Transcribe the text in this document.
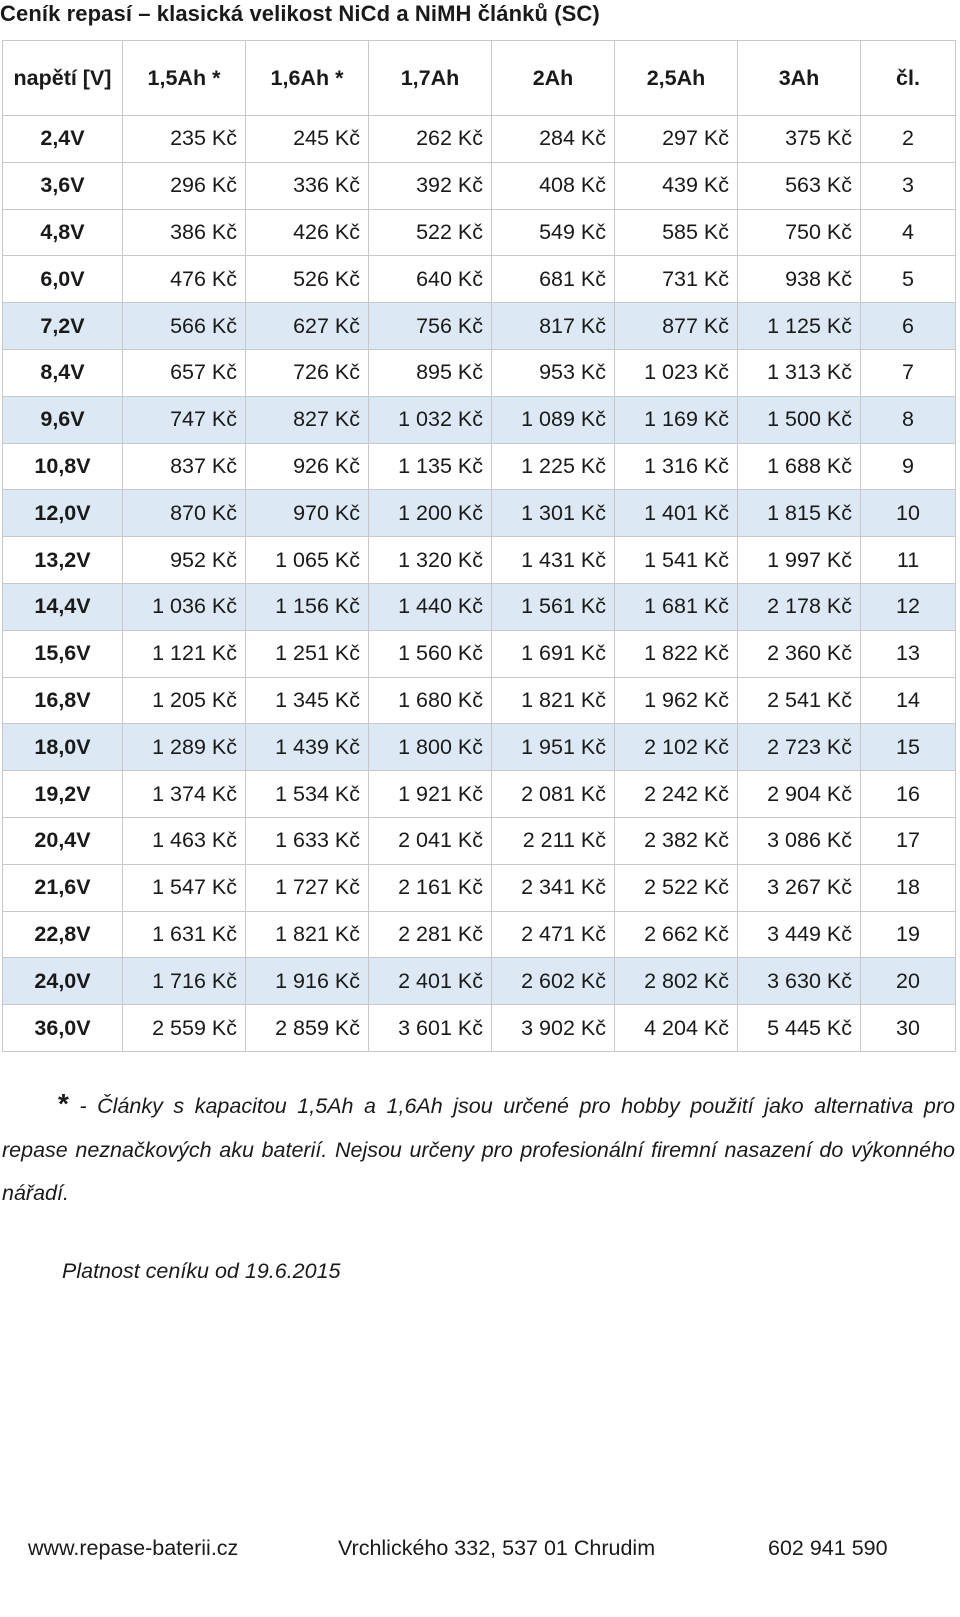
Ceník repasí – klasická velikost NiCd a NiMH článků (SC)
napětí [V]	1,5Ah *	1,6Ah *	1,7Ah	2Ah	2,5Ah	3Ah	čl.
2,4V	235 Kč	245 Kč	262 Kč	284 Kč	297 Kč	375 Kč	2
3,6V	296 Kč	336 Kč	392 Kč	408 Kč	439 Kč	563 Kč	3
4,8V	386 Kč	426 Kč	522 Kč	549 Kč	585 Kč	750 Kč	4
6,0V	476 Kč	526 Kč	640 Kč	681 Kč	731 Kč	938 Kč	5
7,2V	566 Kč	627 Kč	756 Kč	817 Kč	877 Kč	1 125 Kč	6
8,4V	657 Kč	726 Kč	895 Kč	953 Kč	1 023 Kč	1 313 Kč	7
9,6V	747 Kč	827 Kč	1 032 Kč	1 089 Kč	1 169 Kč	1 500 Kč	8
10,8V	837 Kč	926 Kč	1 135 Kč	1 225 Kč	1 316 Kč	1 688 Kč	9
12,0V	870 Kč	970 Kč	1 200 Kč	1 301 Kč	1 401 Kč	1 815 Kč	10
13,2V	952 Kč	1 065 Kč	1 320 Kč	1 431 Kč	1 541 Kč	1 997 Kč	11
14,4V	1 036 Kč	1 156 Kč	1 440 Kč	1 561 Kč	1 681 Kč	2 178 Kč	12
15,6V	1 121 Kč	1 251 Kč	1 560 Kč	1 691 Kč	1 822 Kč	2 360 Kč	13
16,8V	1 205 Kč	1 345 Kč	1 680 Kč	1 821 Kč	1 962 Kč	2 541 Kč	14
18,0V	1 289 Kč	1 439 Kč	1 800 Kč	1 951 Kč	2 102 Kč	2 723 Kč	15
19,2V	1 374 Kč	1 534 Kč	1 921 Kč	2 081 Kč	2 242 Kč	2 904 Kč	16
20,4V	1 463 Kč	1 633 Kč	2 041 Kč	2 211 Kč	2 382 Kč	3 086 Kč	17
21,6V	1 547 Kč	1 727 Kč	2 161 Kč	2 341 Kč	2 522 Kč	3 267 Kč	18
22,8V	1 631 Kč	1 821 Kč	2 281 Kč	2 471 Kč	2 662 Kč	3 449 Kč	19
24,0V	1 716 Kč	1 916 Kč	2 401 Kč	2 602 Kč	2 802 Kč	3 630 Kč	20
36,0V	2 559 Kč	2 859 Kč	3 601 Kč	3 902 Kč	4 204 Kč	5 445 Kč	30
* - Články s kapacitou 1,5Ah a 1,6Ah jsou určené pro hobby použití jako alternativa pro repase neznačkových aku baterií. Nejsou určeny pro profesionální firemní nasazení do výkonného nářadí.
Platnost ceníku od 19.6.2015
www.repase-baterii.cz	Vrchlického 332, 537 01 Chrudim	602 941 590
